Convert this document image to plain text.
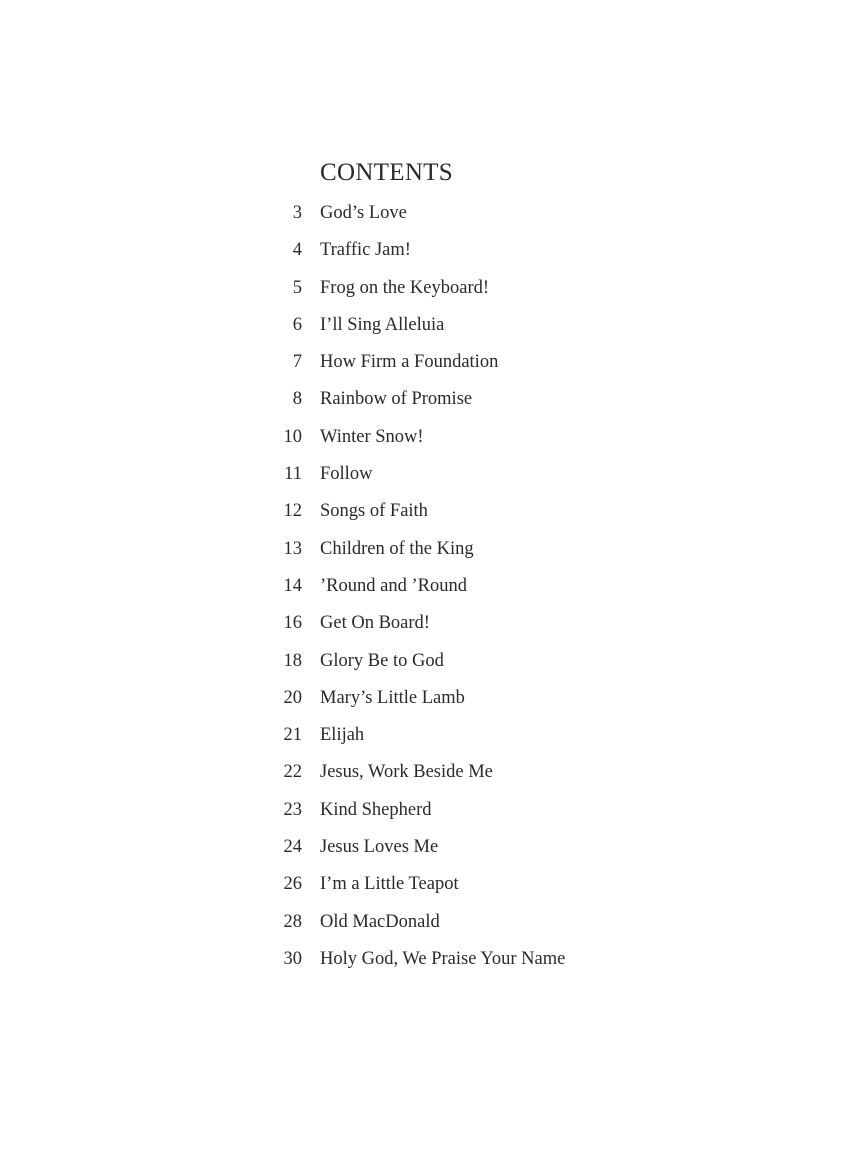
CONTENTS
3 God’s Love
4 Traffic Jam!
5 Frog on the Keyboard!
6 I’ll Sing Alleluia
7 How Firm a Foundation
8 Rainbow of Promise
10 Winter Snow!
11 Follow
12 Songs of Faith
13 Children of the King
14 ’Round and ’Round
16 Get On Board!
18 Glory Be to God
20 Mary’s Little Lamb
21 Elijah
22 Jesus, Work Beside Me
23 Kind Shepherd
24 Jesus Loves Me
26 I’m a Little Teapot
28 Old MacDonald
30 Holy God, We Praise Your Name
